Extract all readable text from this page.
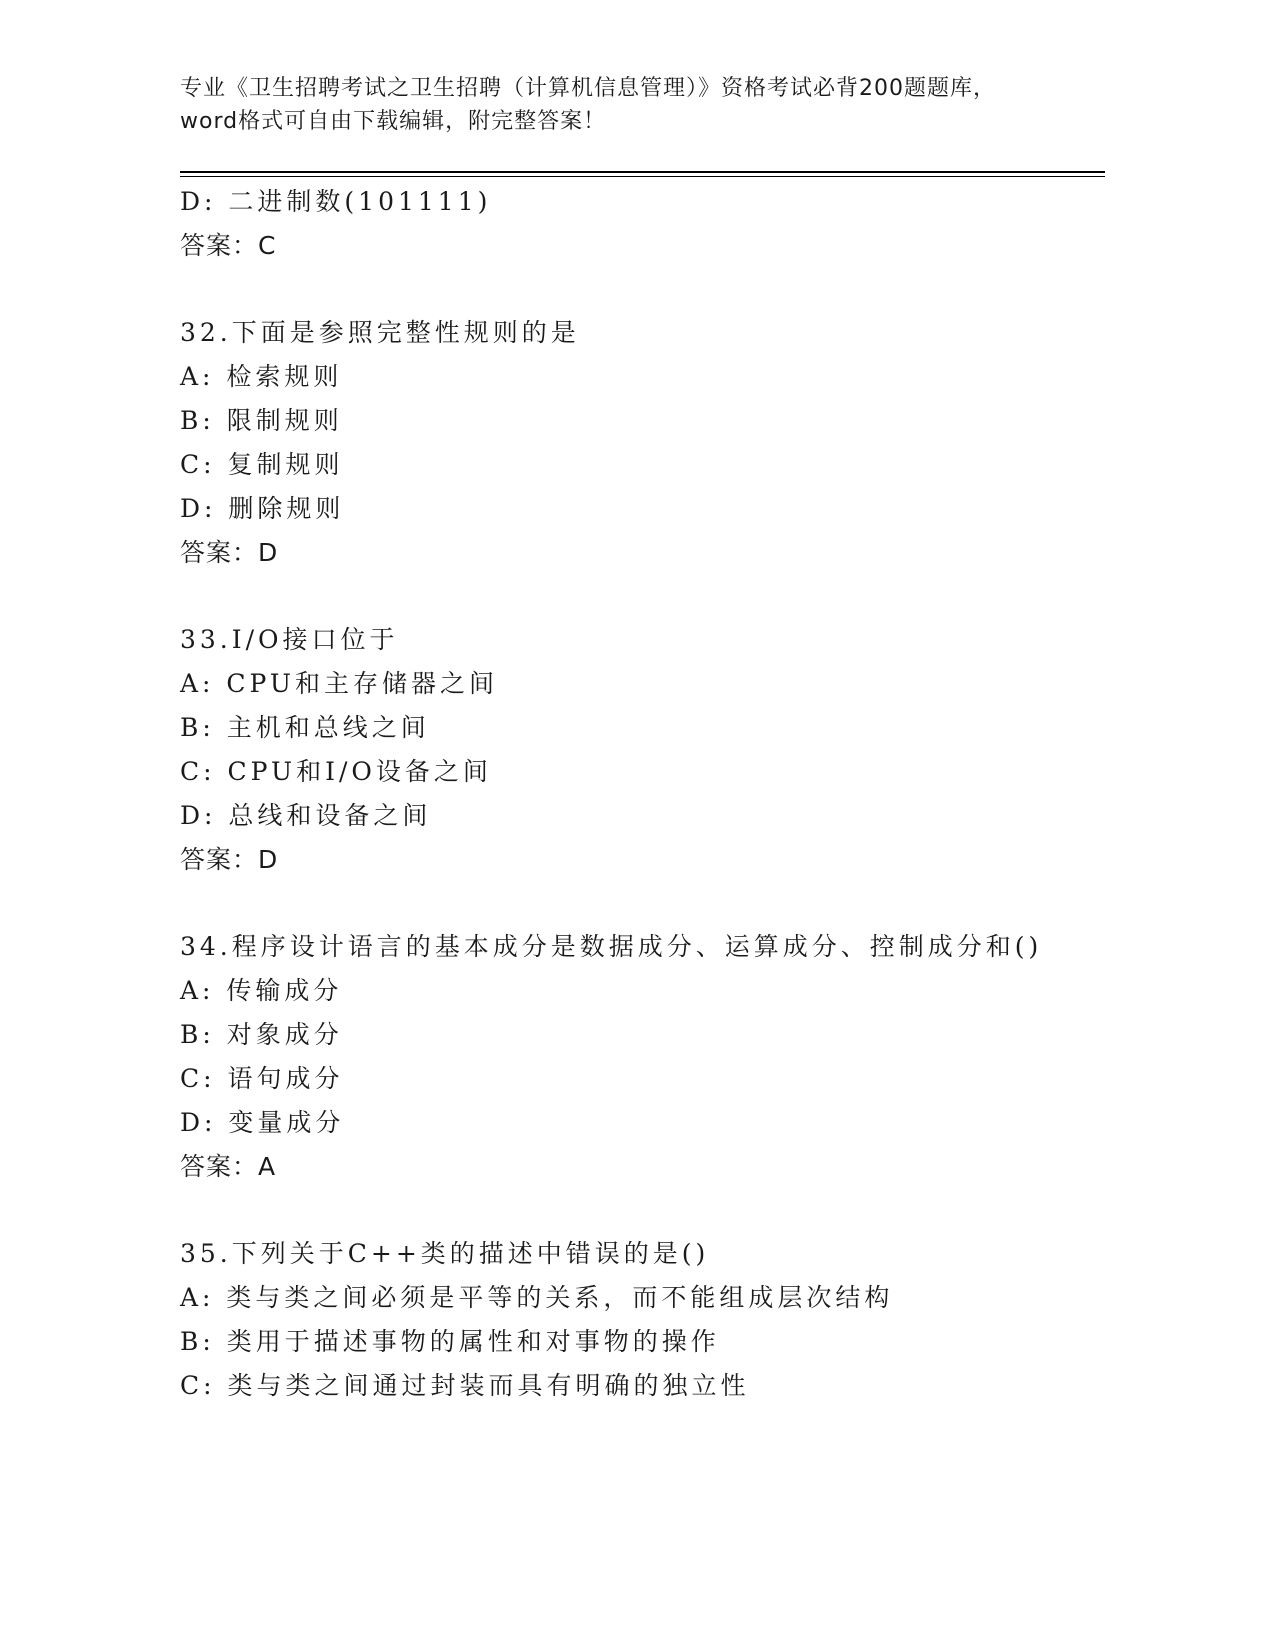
专业《卫生招聘考试之卫生招聘（计算机信息管理）》资格考试必背200题题库，
word格式可自由下载编辑，附完整答案！
D: 二进制数(101111)
答案：C
32.下面是参照完整性规则的是
A: 检索规则
B: 限制规则
C: 复制规则
D: 删除规则
答案：D
33.I/O接口位于
A: CPU和主存储器之间
B: 主机和总线之间
C: CPU和I/O设备之间
D: 总线和设备之间
答案：D
34.程序设计语言的基本成分是数据成分、运算成分、控制成分和()
A: 传输成分
B: 对象成分
C: 语句成分
D: 变量成分
答案：A
35.下列关于C++类的描述中错误的是()
A: 类与类之间必须是平等的关系，而不能组成层次结构
B: 类用于描述事物的属性和对事物的操作
C: 类与类之间通过封装而具有明确的独立性
